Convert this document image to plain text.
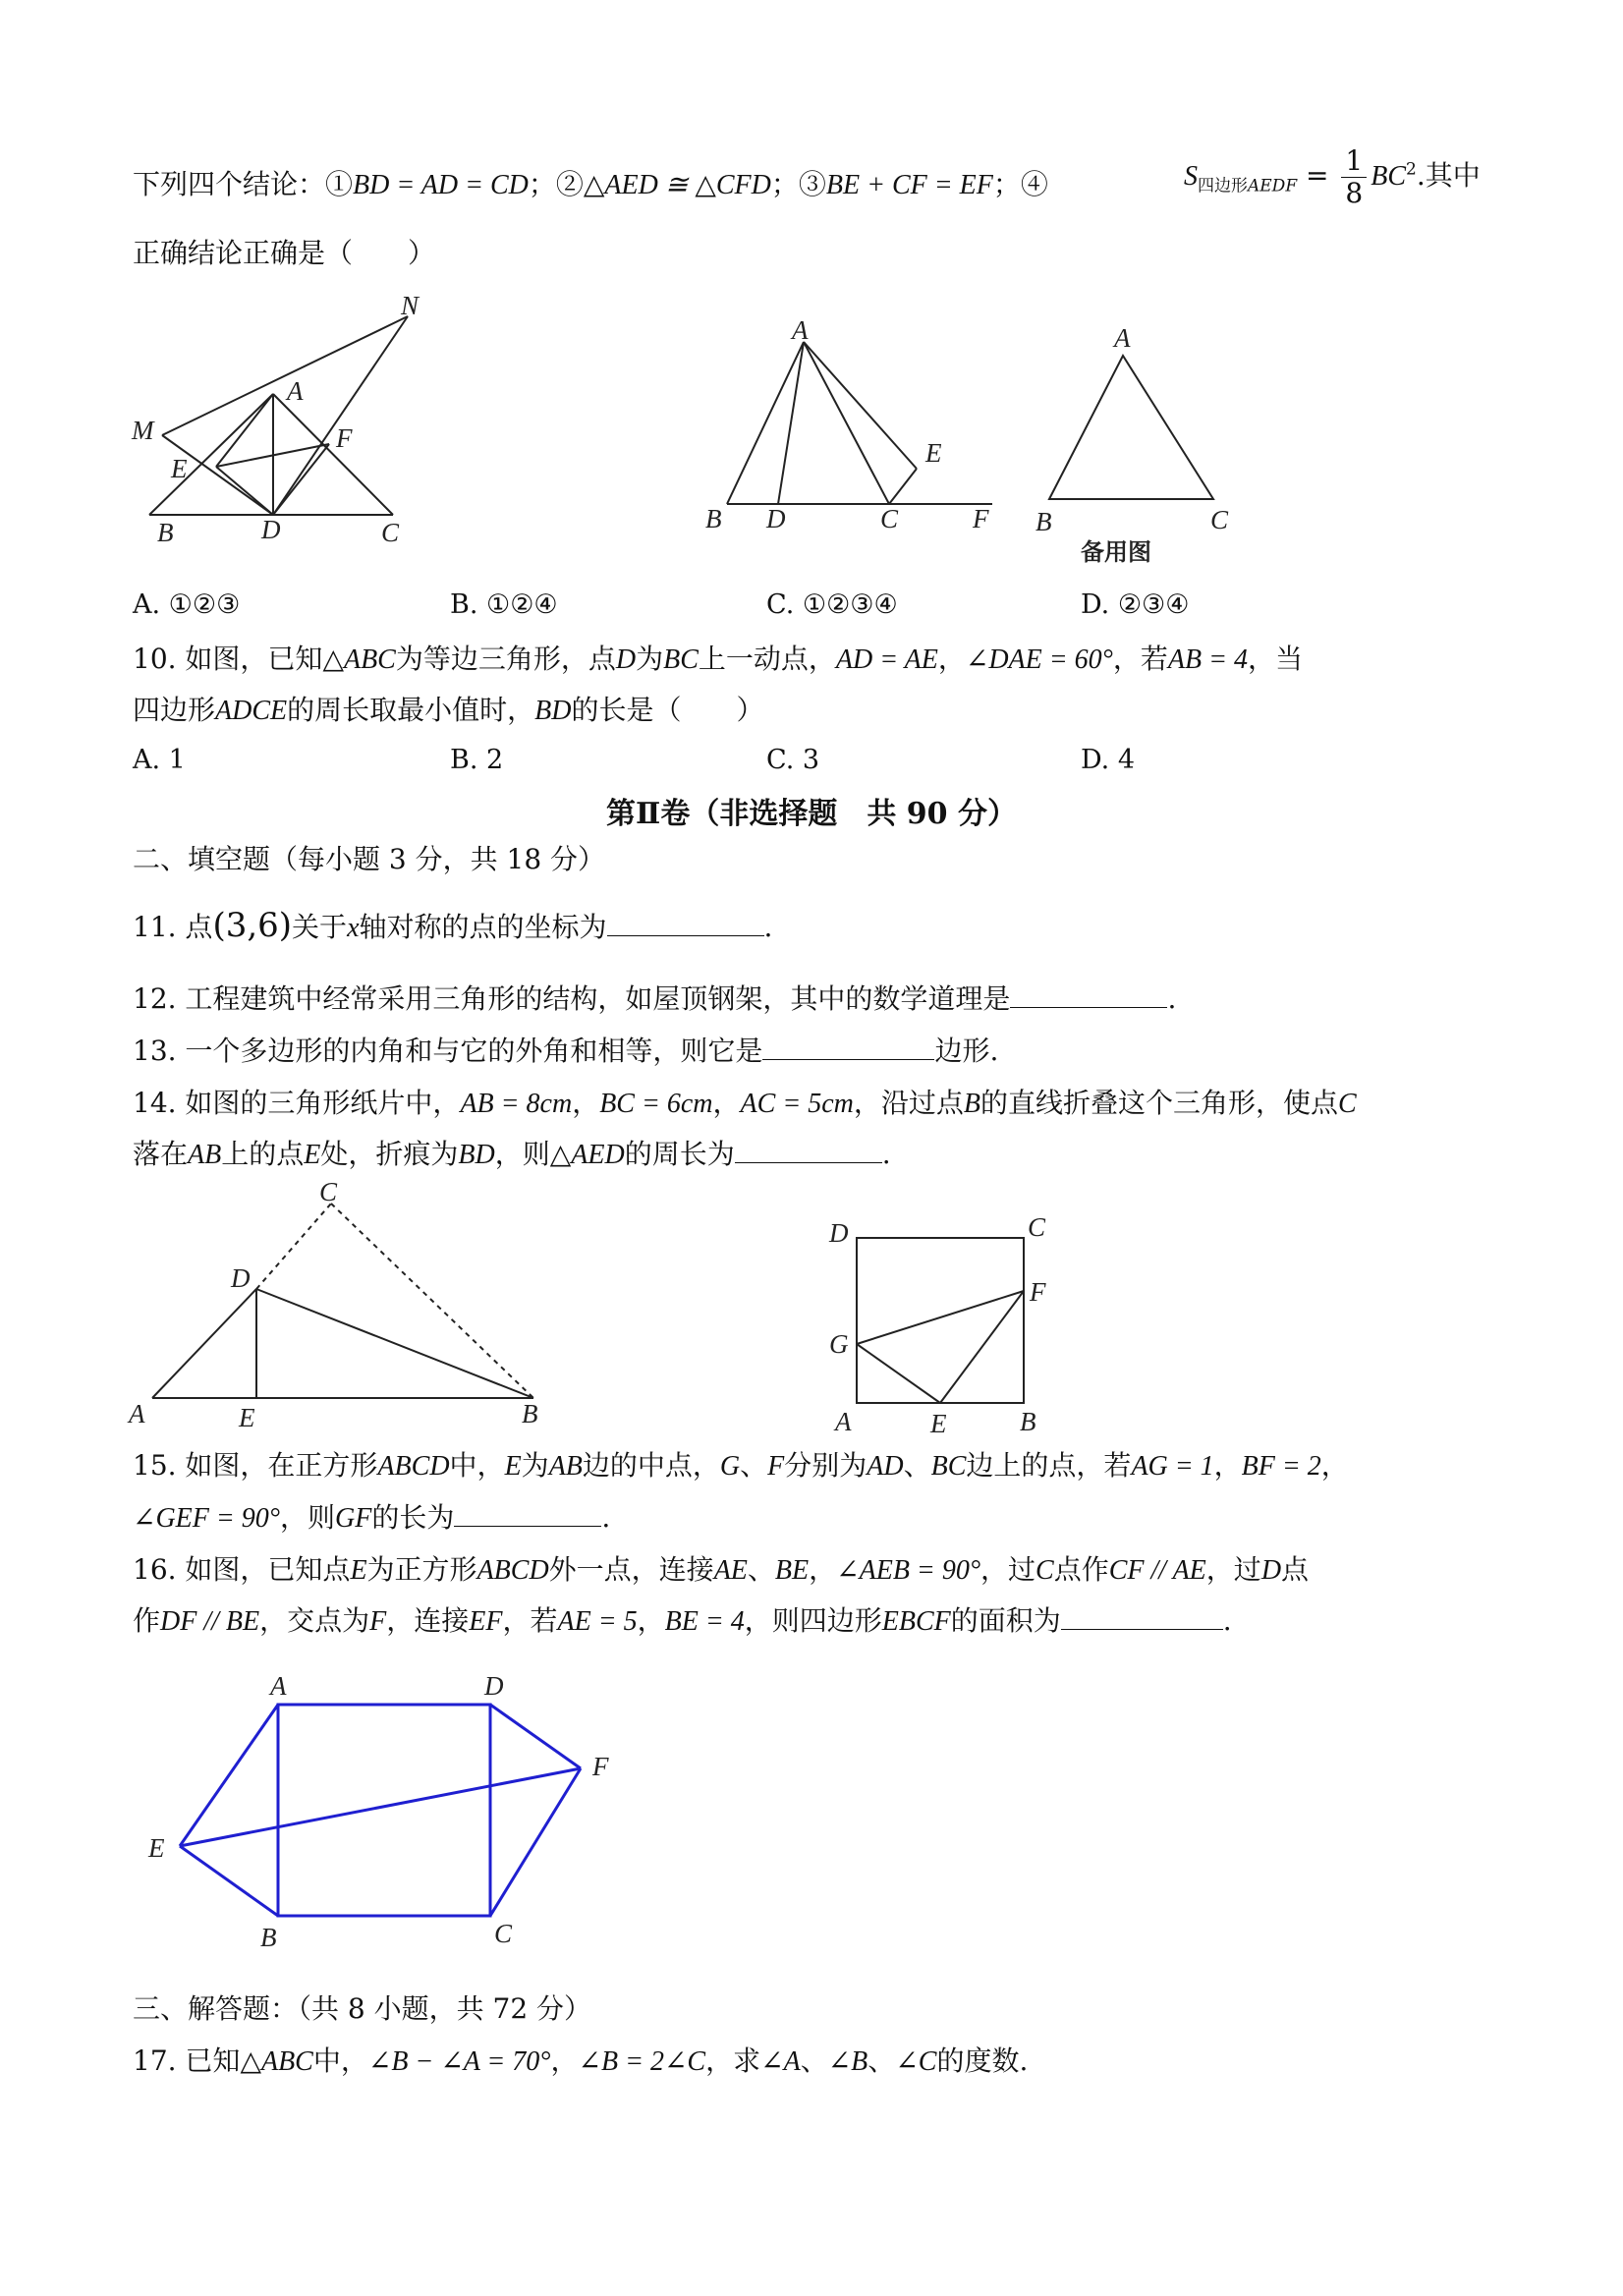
下列四个结论：①BD = AD = CD；②△AED ≅ △CFD；③BE + CF = EF；④	$S_{四边形AEDF} = \frac{1}{8} BC^2$.其中
正确结论正确是（　　）
N
A
M	F
E
B	D	C
A
E
B D	C	F
A
B	C
备用图
A. ①②③	B. ①②④	C. ①②③④	D. ②③④
10. 如图，已知△ABC为等边三角形，点D为BC上一动点，AD = AE，∠DAE = 60°，若AB = 4，当
四边形ADCE的周长取最小值时，BD的长是（　　）
A. 1	B. 2	C. 3	D. 4
第Ⅱ卷（非选择题　共 90 分）
二、填空题（每小题 3 分，共 18 分）
11. 点(3,6)关于x轴对称的点的坐标为	.
12. 工程建筑中经常采用三角形的结构，如屋顶钢架，其中的数学道理是	.
13. 一个多边形的内角和与它的外角和相等，则它是	边形.
14. 如图的三角形纸片中，AB = 8cm，BC = 6cm，AC = 5cm，沿过点B的直线折叠这个三角形，使点C
落在AB上的点E处，折痕为BD，则△AED的周长为	.
C
D
A	E	B
D	C
F
G
A	E	B
15. 如图，在正方形ABCD中，E为AB边的中点，G、F分别为AD、BC边上的点，若AG = 1，BF = 2，
∠GEF = 90°，则GF的长为	.
16. 如图，已知点E为正方形ABCD外一点，连接AE、BE，∠AEB = 90°，过C点作CF // AE，过D点
作DF // BE，交点为F，连接EF，若AE = 5，BE = 4，则四边形EBCF的面积为	.
A	D
F
E
B	C
三、解答题：（共 8 小题，共 72 分）
17. 已知△ABC中，∠B − ∠A = 70°，∠B = 2∠C，求∠A、∠B、∠C的度数.
